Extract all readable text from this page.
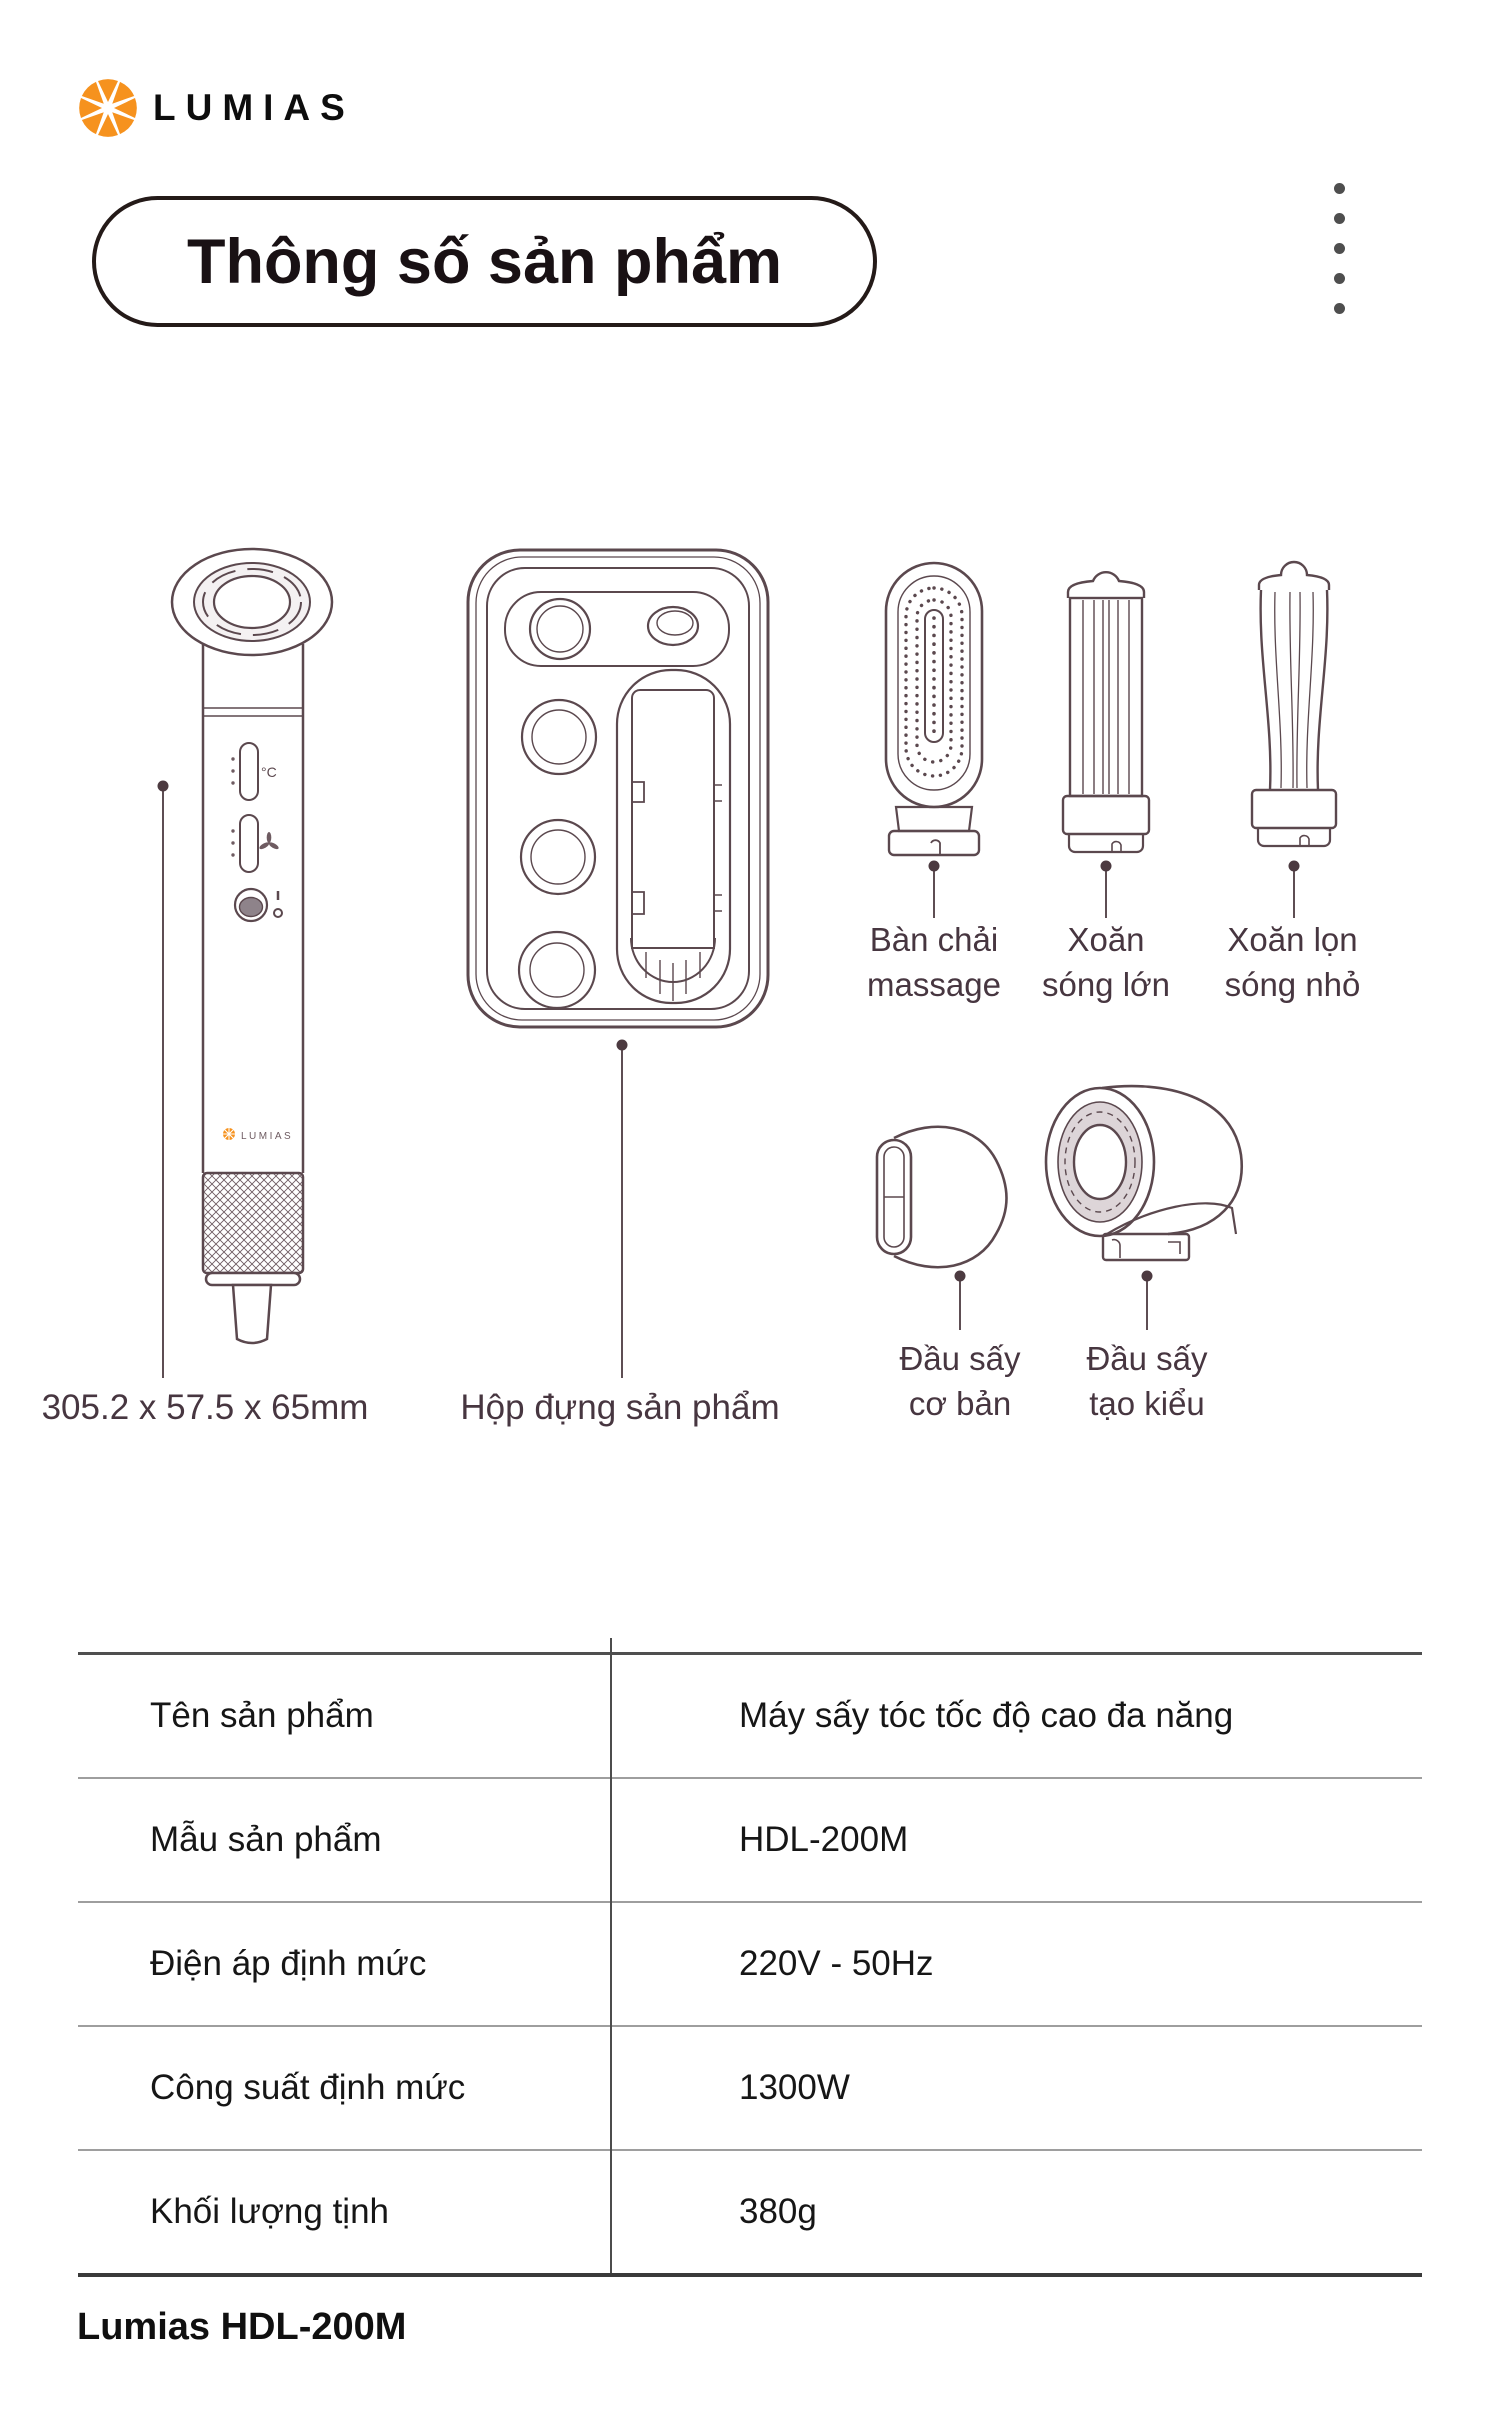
LUMIAS
Thông số sản phẩm
°C
LUMIAS
Bàn chải
massage
Xoăn
sóng lớn
Xoăn lọn
sóng nhỏ
Đầu sấy
cơ bản
Đầu sấy
tạo kiểu
305.2 x 57.5 x 65mm	Hộp đựng sản phẩm
Tên sản phẩm	Máy sấy tóc tốc độ cao đa năng
Mẫu sản phẩm	HDL-200M
Điện áp định mức	220V - 50Hz
Công suất định mức	1300W
Khối lượng tịnh	380g
Lumias HDL-200M
